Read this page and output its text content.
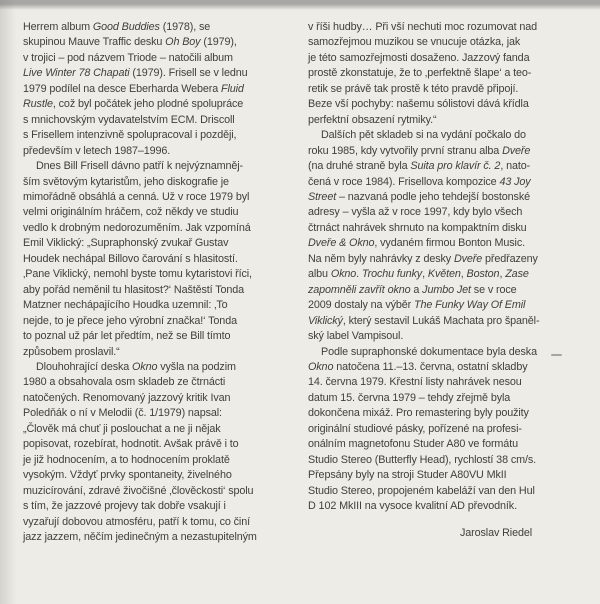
Herrem album Good Buddies (1978), se
skupinou Mauve Traffic desku Oh Boy (1979),
v trojici – pod názvem Triode – natočili album
Live Winter 78 Chapati (1979). Frisell se v lednu
1979 podílel na desce Eberharda Webera Fluid
Rustle, což byl počátek jeho plodné spolupráce
s mnichovským vydavatelstvím ECM. Driscoll
s Frisellem intenzivně spolupracoval i později,
především v letech 1987–1996.
Dnes Bill Frisell dávno patří k nejvýznamněj-
ším světovým kytaristům, jeho diskografie je
mimořádně obsáhlá a cenná. Už v roce 1979 byl
velmi originálním hráčem, což někdy ve studiu
vedlo k drobným nedorozuměním. Jak vzpomíná
Emil Viklický: „Supraphonský zvukař Gustav
Houdek nechápal Billovo čarování s hlasitostí.
‚Pane Viklický, nemohl byste tomu kytaristovi říci,
aby pořád neměnil tu hlasitost?‘ Naštěstí Tonda
Matzner nechápajícího Houdka uzemnil: ‚To
nejde, to je přece jeho výrobní značka!‘ Tonda
to poznal už pár let předtím, než se Bill tímto
způsobem proslavil.“
Dlouhohrající deska Okno vyšla na podzim
1980 a obsahovala osm skladeb ze čtrnácti
natočených. Renomovaný jazzový kritik Ivan
Poledňák o ní v Melodii (č. 1/1979) napsal:
„Člověk má chuť ji poslouchat a ne ji nějak
popisovat, rozebírat, hodnotit. Avšak právě i to
je již hodnocením, a to hodnocením proklatě
vysokým. Vždyť prvky spontaneity, živelného
muzicírování, zdravé živočišné ‚člověckosti‘ spolu
s tím, že jazzové projevy tak dobře vsakují i
vyzařují dobovou atmosféru, patří k tomu, co činí
jazz jazzem, něčím jedinečným a nezastupitelným
v říši hudby… Při vší nechuti moc rozumovat nad
samozřejmou muzikou se vnucuje otázka, jak
je této samozřejmosti dosaženo. Jazzový fanda
prostě zkonstatuje, že to ‚perfektně šlape‘ a teo-
retik se právě tak prostě k této pravdě připojí.
Beze vší pochyby: našemu sólistovi dává křídla
perfektní obsazení rytmiky.“
Dalších pět skladeb si na vydání počkalo do
roku 1985, kdy vytvořily první stranu alba Dveře
(na druhé straně byla Suita pro klavír č. 2, nato-
čená v roce 1984). Frisellova kompozice 43 Joy
Street – nazvaná podle jeho tehdejší bostonské
adresy – vyšla až v roce 1997, kdy bylo všech
čtrnáct nahrávek shrnuto na kompaktním disku
Dveře & Okno, vydaném firmou Bonton Music.
Na něm byly nahrávky z desky Dveře předřazeny
albu Okno. Trochu funky, Květen, Boston, Zase
zapomněli zavřít okno a Jumbo Jet se v roce
2009 dostaly na výběr The Funky Way Of Emil
Viklický, který sestavil Lukáš Machata pro španěl-
ský label Vampisoul.
Podle supraphonské dokumentace byla deska
Okno natočena 11.–13. června, ostatní skladby
14. června 1979. Křestní listy nahrávek nesou
datum 15. června 1979 – tehdy zřejmě byla
dokončena mixáž. Pro remastering byly použity
originální studiové pásky, pořízené na profesi-
onálním magnetofonu Studer A80 ve formátu
Studio Stereo (Butterfly Head), rychlostí 38 cm/s.
Přepsány byly na stroji Studer A80VU MkII
Studio Stereo, propojeném kabeláží van den Hul
D 102 MkIII na vysoce kvalitní AD převodník.
Jaroslav Riedel
